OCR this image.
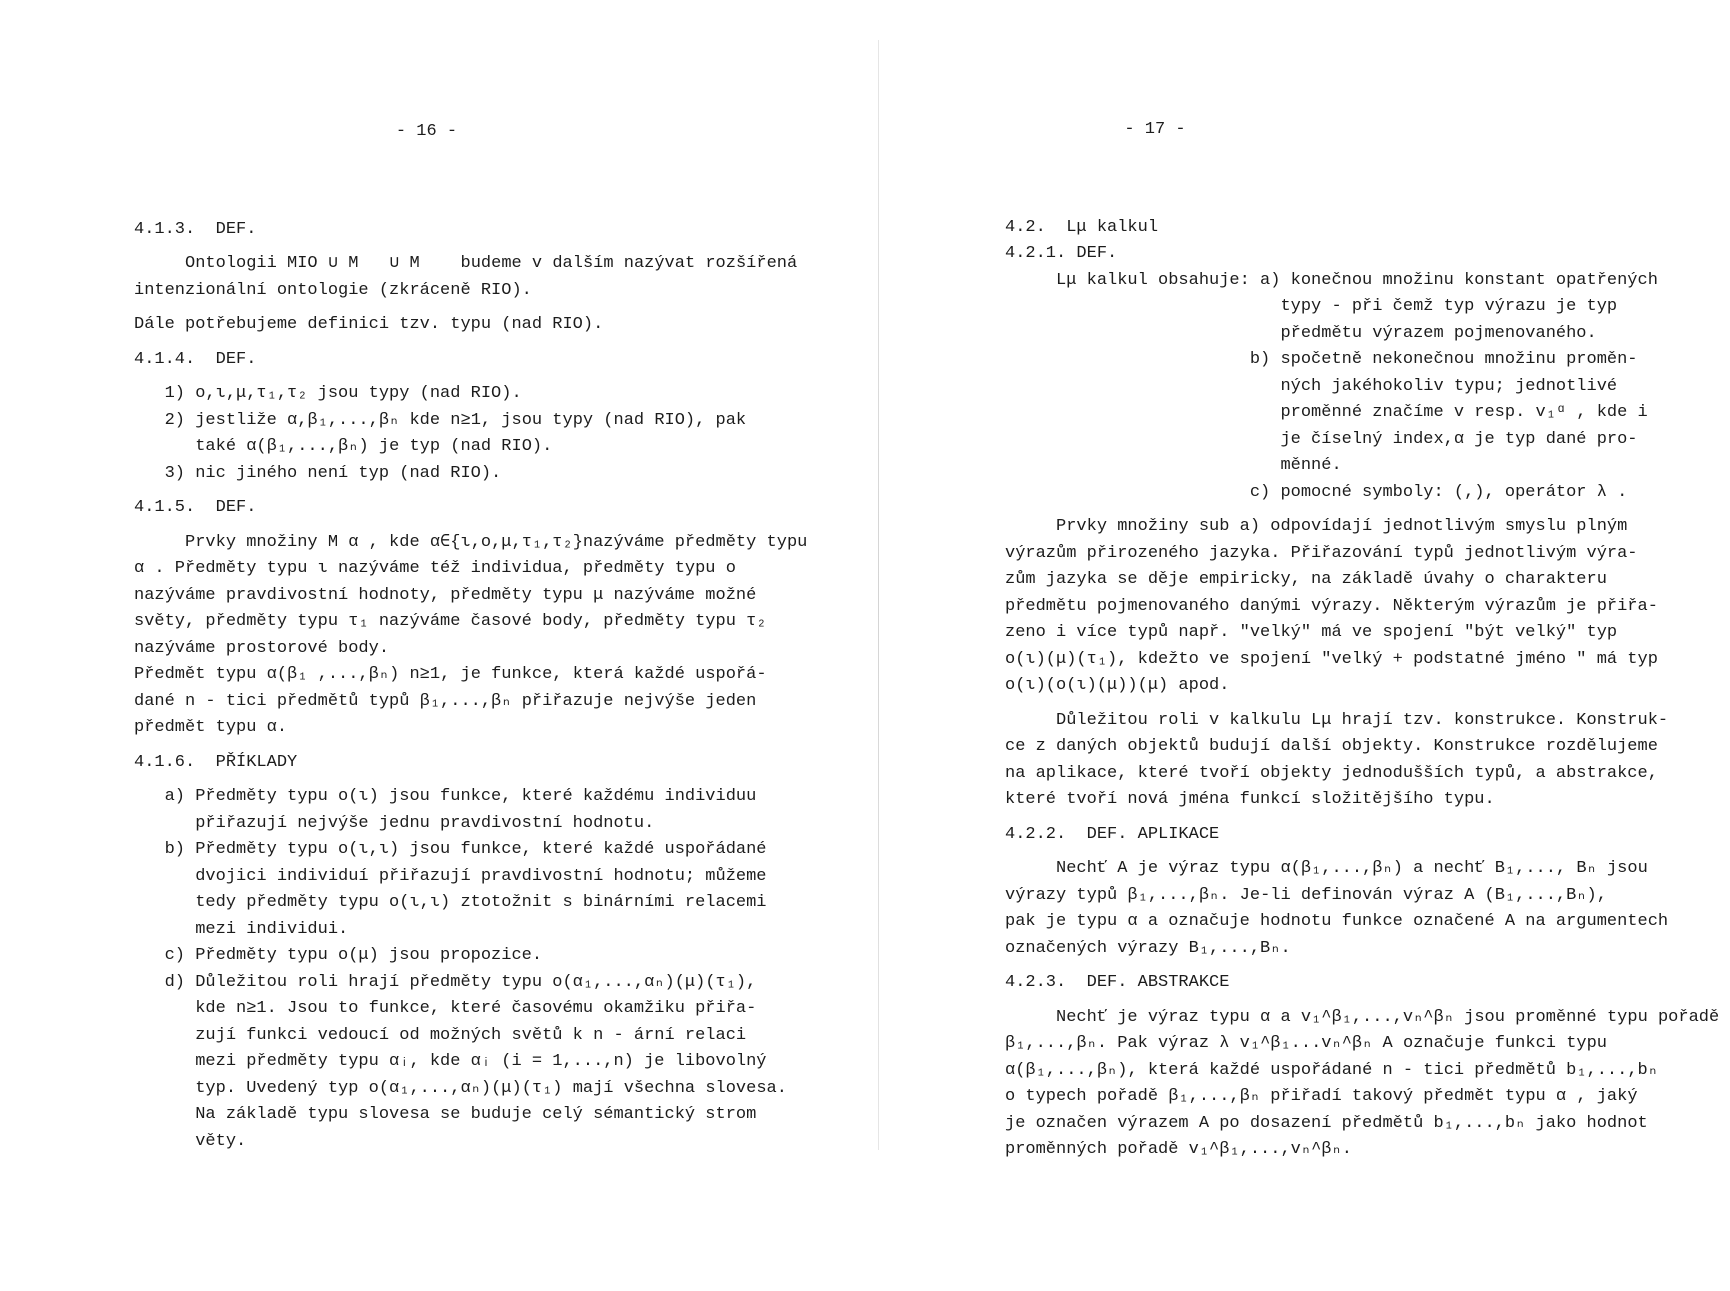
- 16 -

4.1.3.  DEF.
Ontologii MIO ∪ M   ∪ M    budeme v dalším nazývat rozšířená
intenzionální ontologie (zkráceně RIO).
Dále potřebujeme definici tzv. typu (nad RIO).
4.1.4.  DEF.
1) ο,ι,μ,τ₁,τ₂ jsou typy (nad RIO).
2) jestliže α,β₁,...,βₙ kde n≥1, jsou typy (nad RIO), pak
také α(β₁,...,βₙ) je typ (nad RIO).
3) nic jiného není typ (nad RIO).
4.1.5.  DEF.
Prvky množiny M α , kde α∈{ι,ο,μ,τ₁,τ₂}nazýváme předměty typu
α . Předměty typu ι nazýváme též individua, předměty typu ο
nazýváme pravdivostní hodnoty, předměty typu μ nazýváme možné
světy, předměty typu τ₁ nazýváme časové body, předměty typu τ₂
nazýváme prostorové body.
Předmět typu α(β₁ ,...,βₙ) n≥1, je funkce, která každé uspořá-
dané n - tici předmětů typů β₁,...,βₙ přiřazuje nejvýše jeden
předmět typu α.
4.1.6.  PŘÍKLADY
a) Předměty typu ο(ι) jsou funkce, které každému individuu
přiřazují nejvýše jednu pravdivostní hodnotu.
b) Předměty typu ο(ι,ι) jsou funkce, které každé uspořádané
dvojici individuí přiřazují pravdivostní hodnotu; můžeme
tedy předměty typu ο(ι,ι) ztotožnit s binárními relacemi
mezi individui.
c) Předměty typu ο(μ) jsou propozice.
d) Důležitou roli hrají předměty typu ο(α₁,...,αₙ)(μ)(τ₁),
kde n≥1. Jsou to funkce, které časovému okamžiku přiřa-
zují funkci vedoucí od možných světů k n - ární relaci
mezi předměty typu αᵢ, kde αᵢ (i = 1,...,n) je libovolný
typ. Uvedený typ ο(α₁,...,αₙ)(μ)(τ₁) mají všechna slovesa.
Na základě typu slovesa se buduje celý sémantický strom
věty.

- 17 -

4.2.  Lμ kalkul
4.2.1. DEF.
Lμ kalkul obsahuje: a) konečnou množinu konstant opatřených
typy - při čemž typ výrazu je typ
předmětu výrazem pojmenovaného.
b) spočetně nekonečnou množinu proměn-
ných jakéhokoliv typu; jednotlivé
proměnné značíme v resp. v₁ᵅ , kde i
je číselný index,α je typ dané pro-
měnné.
c) pomocné symboly: (,), operátor λ .
Prvky množiny sub a) odpovídají jednotlivým smyslu plným
výrazům přirozeného jazyka. Přiřazování typů jednotlivým výra-
zům jazyka se děje empiricky, na základě úvahy o charakteru
předmětu pojmenovaného danými výrazy. Některým výrazům je přiřa-
zeno i více typů např. "velký" má ve spojení "být velký" typ
ο(ι)(μ)(τ₁), kdežto ve spojení "velký + podstatné jméno " má typ
ο(ι)(ο(ι)(μ))(μ) apod.
Důležitou roli v kalkulu Lμ hrají tzv. konstrukce. Konstruk-
ce z daných objektů budují další objekty. Konstrukce rozdělujeme
na aplikace, které tvoří objekty jednodušších typů, a abstrakce,
které tvoří nová jména funkcí složitějšího typu.
4.2.2.  DEF. APLIKACE
Nechť A je výraz typu α(β₁,...,βₙ) a nechť B₁,..., Bₙ jsou
výrazy typů β₁,...,βₙ. Je-li definován výraz A (B₁,...,Bₙ),
pak je typu α a označuje hodnotu funkce označené A na argumentech
označených výrazy B₁,...,Bₙ.
4.2.3.  DEF. ABSTRAKCE
Nechť je výraz typu α a v₁^β₁,...,vₙ^βₙ jsou proměnné typu pořadě
β₁,...,βₙ. Pak výraz λ v₁^β₁...vₙ^βₙ A označuje funkci typu
α(β₁,...,βₙ), která každé uspořádané n - tici předmětů b₁,...,bₙ
o typech pořadě β₁,...,βₙ přiřadí takový předmět typu α , jaký
je označen výrazem A po dosazení předmětů b₁,...,bₙ jako hodnot
proměnných pořadě v₁^β₁,...,vₙ^βₙ.
